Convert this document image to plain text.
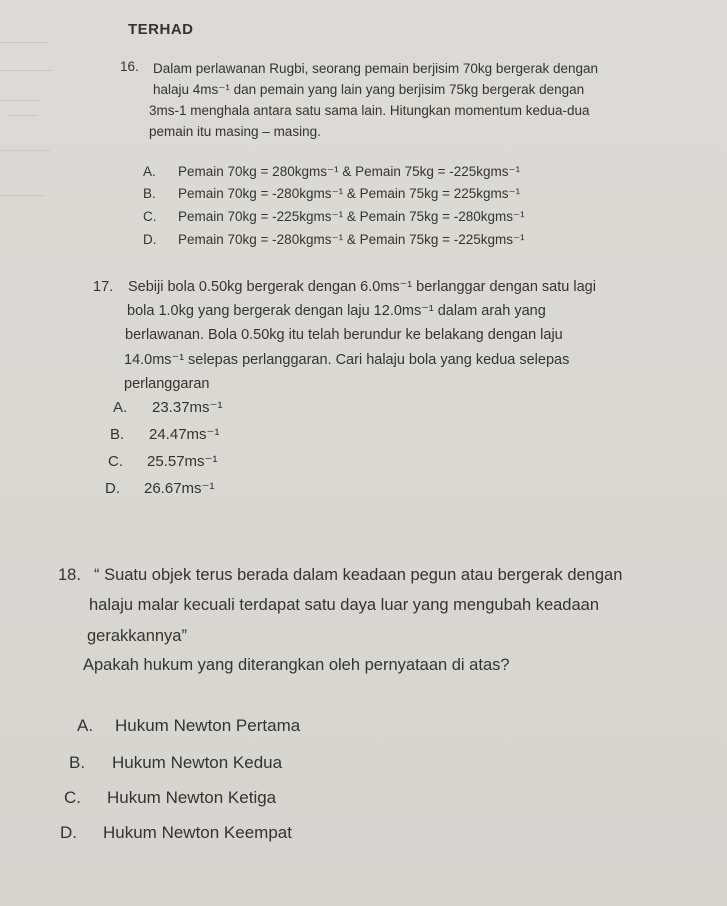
TERHAD
16. Dalam perlawanan Rugbi, seorang pemain berjisim 70kg bergerak dengan
halaju 4ms⁻¹ dan pemain yang lain yang berjisim 75kg bergerak dengan
3ms-1 menghala antara satu sama lain. Hitungkan momentum kedua-dua
pemain itu masing – masing.
A. Pemain 70kg = 280kgms⁻¹ & Pemain 75kg = -225kgms⁻¹
B. Pemain 70kg = -280kgms⁻¹ & Pemain 75kg = 225kgms⁻¹
C. Pemain 70kg = -225kgms⁻¹ & Pemain 75kg = -280kgms⁻¹
D. Pemain 70kg = -280kgms⁻¹ & Pemain 75kg = -225kgms⁻¹
17. Sebiji bola 0.50kg bergerak dengan 6.0ms⁻¹ berlanggar dengan satu lagi
bola 1.0kg yang bergerak dengan laju 12.0ms⁻¹ dalam arah yang
berlawanan. Bola 0.50kg itu telah berundur ke belakang dengan laju
14.0ms⁻¹ selepas perlanggaran. Cari halaju bola yang kedua selepas
perlanggaran
A. 23.37ms⁻¹
B. 24.47ms⁻¹
C. 25.57ms⁻¹
D. 26.67ms⁻¹
18. “ Suatu objek terus berada dalam keadaan pegun atau bergerak dengan
halaju malar kecuali terdapat satu daya luar yang mengubah keadaan
gerakkannya”
Apakah hukum yang diterangkan oleh pernyataan di atas?
A. Hukum Newton Pertama
B. Hukum Newton Kedua
C. Hukum Newton Ketiga
D. Hukum Newton Keempat
